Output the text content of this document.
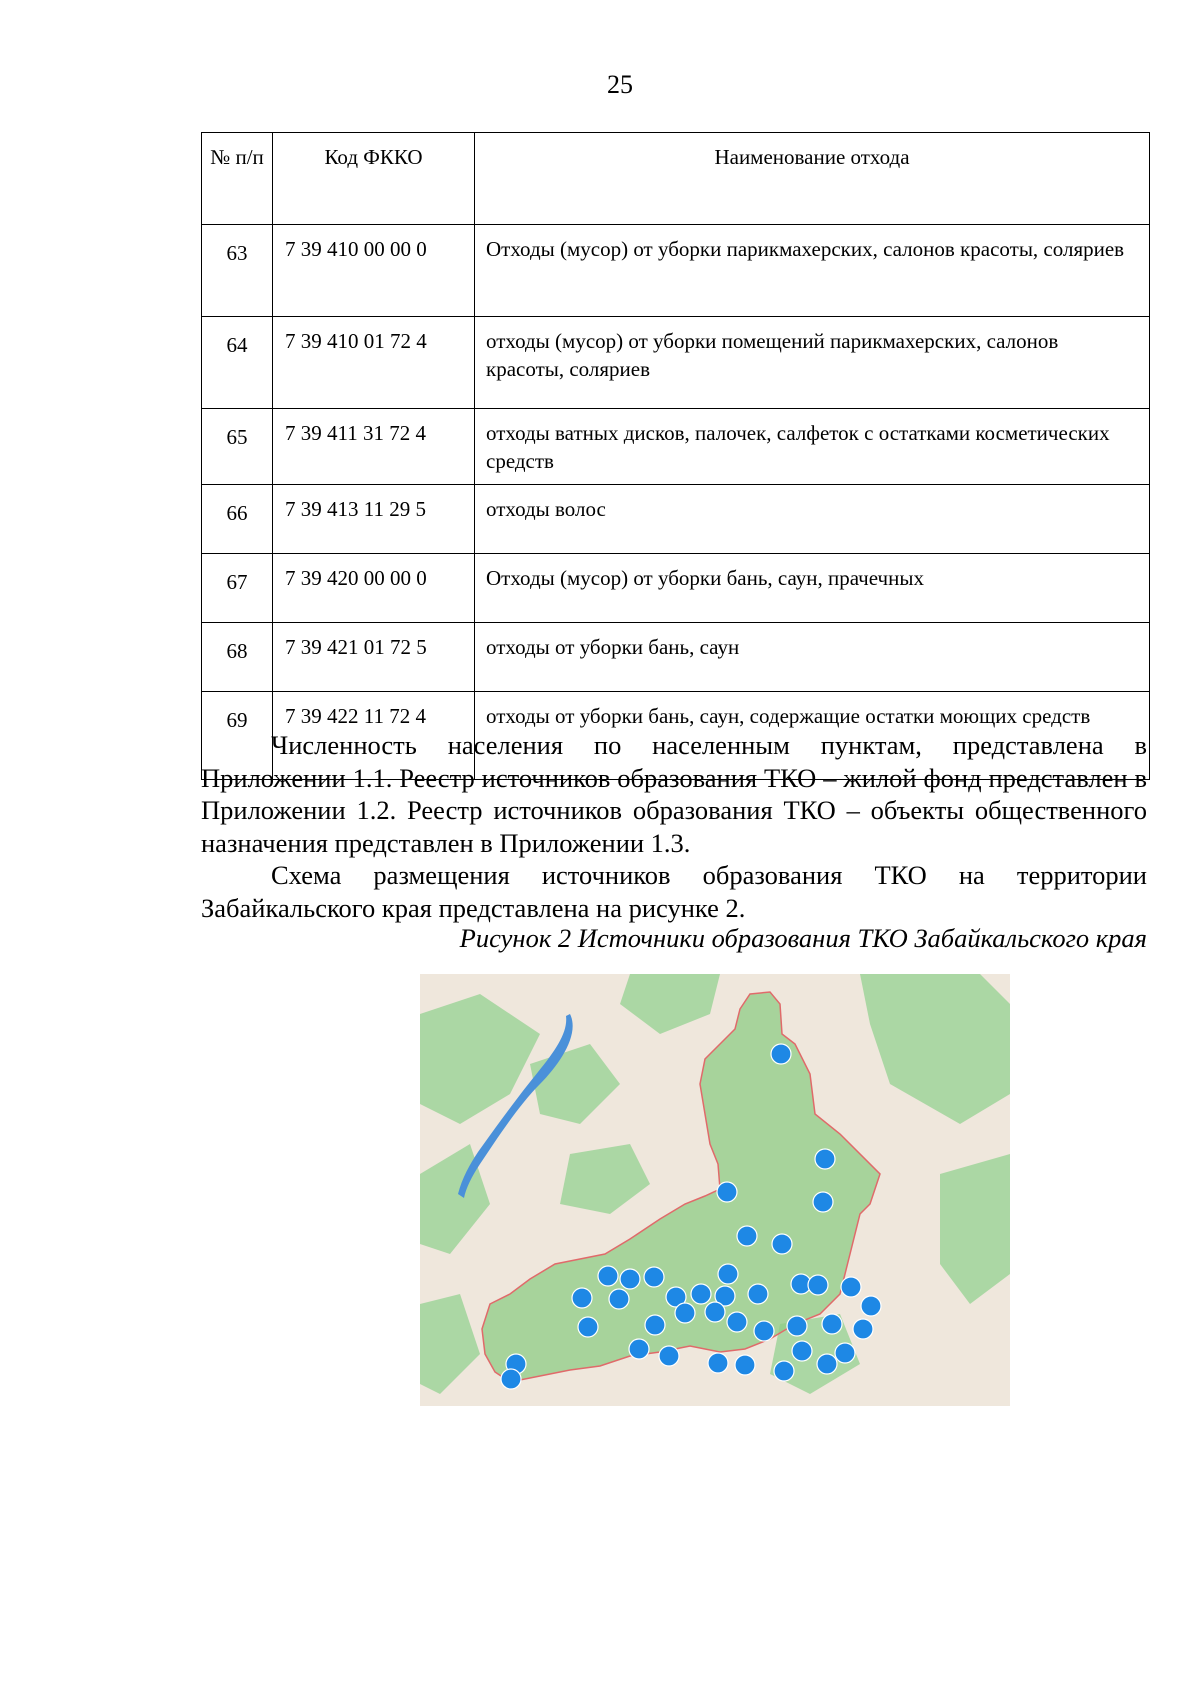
25
№ п/п	Код ФККО	Наименование отхода
63	7 39 410 00 00 0	Отходы (мусор) от уборки парикмахерских, салонов красоты, соляриев
64	7 39 410 01 72 4	отходы (мусор) от уборки помещений парикмахерских, салонов красоты, соляриев
65	7 39 411 31 72 4	отходы ватных дисков, палочек, салфеток с остатками косметических средств
66	7 39 413 11 29 5	отходы волос
67	7 39 420 00 00 0	Отходы (мусор) от уборки бань, саун, прачечных
68	7 39 421 01 72 5	отходы от уборки бань, саун
69	7 39 422 11 72 4	отходы от уборки бань, саун, содержащие остатки моющих средств

Численность населения по населенным пунктам, представлена в Приложении 1.1. Реестр источников образования ТКО – жилой фонд представлен в Приложении 1.2. Реестр источников образования ТКО – объекты общественного назначения представлен в Приложении 1.3.

Схема размещения источников образования ТКО на территории Забайкальского края представлена на рисунке 2.

Рисунок 2 Источники образования ТКО Забайкальского края
